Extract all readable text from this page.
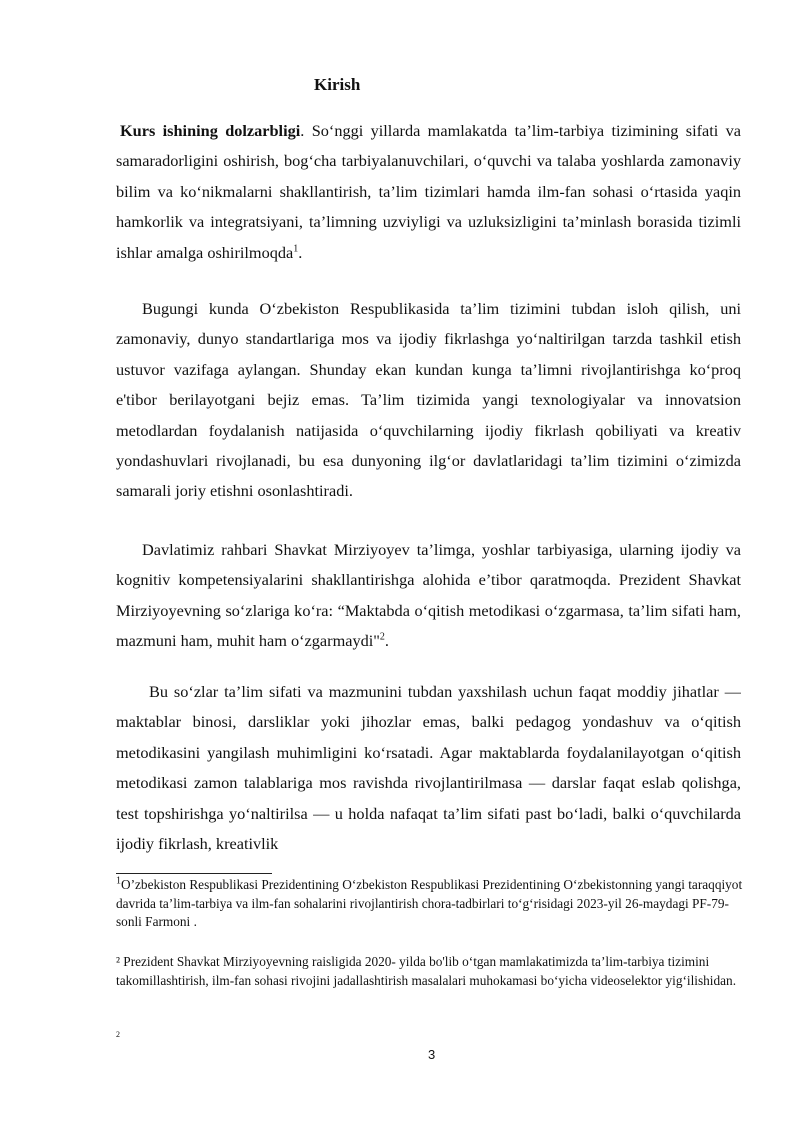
Kirish
Kurs ishining dolzarbligi. So‘nggi yillarda mamlakatda ta’lim-tarbiya tizimining sifati va samaradorligini oshirish, bog‘cha tarbiyalanuvchilari, o‘quvchi va talaba yoshlarda zamonaviy bilim va ko‘nikmalarni shakllantirish, ta’lim tizimlari hamda ilm-fan sohasi o‘rtasida yaqin hamkorlik va integratsiyani, ta’limning uzviyligi va uzluksizligini ta’minlash borasida tizimli ishlar amalga oshirilmoqda$^1$.
Bugungi kunda O‘zbekiston Respublikasida ta’lim tizimini tubdan isloh qilish, uni zamonaviy, dunyo standartlariga mos va ijodiy fikrlashga yo‘naltirilgan tarzda tashkil etish ustuvor vazifaga aylangan. Shunday ekan kundan kunga ta’limni rivojlantirishga ko‘proq e'tibor berilayotgani bejiz emas. Ta’lim tizimida yangi texnologiyalar va innovatsion metodlardan foydalanish natijasida o‘quvchilarning ijodiy fikrlash qobiliyati va kreativ yondashuvlari rivojlanadi, bu esa dunyoning ilg‘or davlatlaridagi ta’lim tizimini o‘zimizda samarali joriy etishni osonlashtiradi.
Davlatimiz rahbari Shavkat Mirziyoyev ta’limga, yoshlar tarbiyasiga, ularning ijodiy va kognitiv kompetensiyalarini shakllantirishga alohida e’tibor qaratmoqda. Prezident Shavkat Mirziyoyevning so‘zlariga ko‘ra: “Maktabda o‘qitish metodikasi o‘zgarmasa, ta’lim sifati ham, mazmuni ham, muhit ham o‘zgarmaydi"$^2$.
Bu so‘zlar ta’lim sifati va mazmunini tubdan yaxshilash uchun faqat moddiy jihatlar — maktablar binosi, darsliklar yoki jihozlar emas, balki pedagog yondashuv va o‘qitish metodikasini yangilash muhimligini ko‘rsatadi. Agar maktablarda foydalanilayotgan o‘qitish metodikasi zamon talablariga mos ravishda rivojlantirilmasa — darslar faqat eslab qolishga, test topshirishga yo‘naltirilsa — u holda nafaqat ta’lim sifati past bo‘ladi, balki o‘quvchilarda ijodiy fikrlash, kreativlik
$^1$O’zbekiston Respublikasi Prezidentining O‘zbekiston Respublikasi Prezidentining O‘zbekistonning yangi taraqqiyot davrida ta’lim-tarbiya va ilm-fan sohalarini rivojlantirish chora-tadbirlari to‘g‘risidagi 2023-yil 26-maydagi PF-79-sonli Farmoni .
² Prezident Shavkat Mirziyoyevning raisligida 2020- yilda bo'lib o‘tgan mamlakatimizda ta’lim-tarbiya tizimini takomillashtirish, ilm-fan sohasi rivojini jadallashtirish masalalari muhokamasi bo‘yicha videoselektor yig‘ilishidan.
2
3
